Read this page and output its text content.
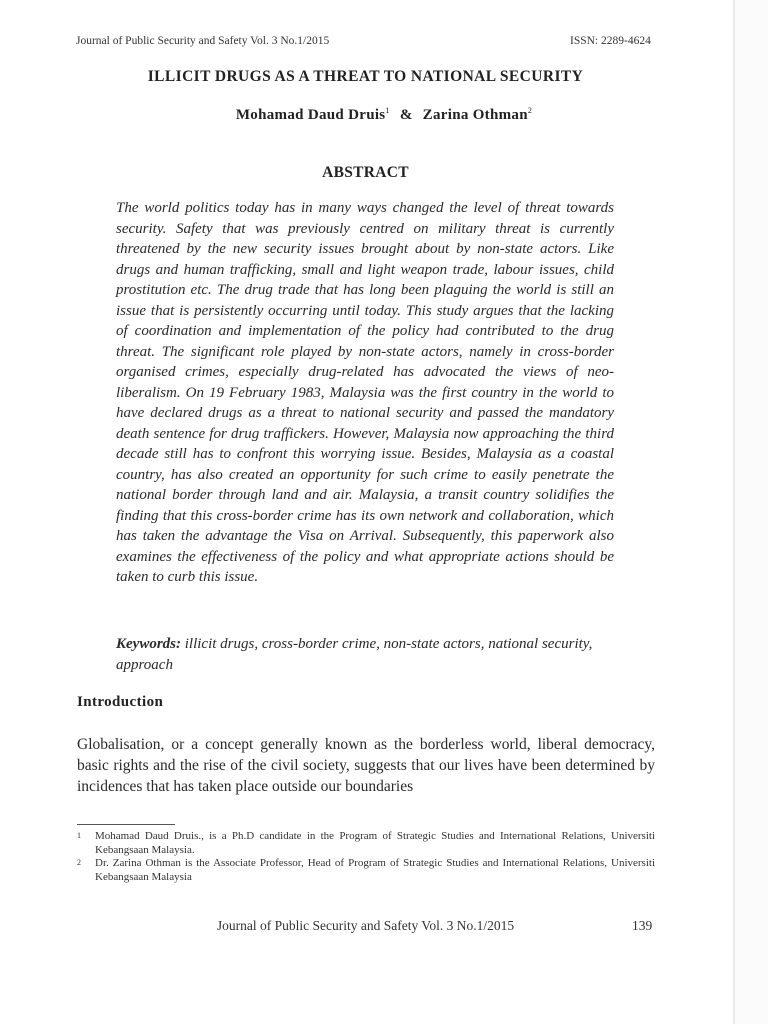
Journal of Public Security and Safety Vol. 3 No.1/2015	ISSN: 2289-4624
ILLICIT DRUGS AS A THREAT TO NATIONAL SECURITY
Mohamad Daud Druis$^1$ & Zarina Othman$^2$
ABSTRACT
The world politics today has in many ways changed the level of threat towards security. Safety that was previously centred on military threat is currently threatened by the new security issues brought about by non-state actors. Like drugs and human trafficking, small and light weapon trade, labour issues, child prostitution etc. The drug trade that has long been plaguing the world is still an issue that is persistently occurring until today. This study argues that the lacking of coordination and implementation of the policy had contributed to the drug threat. The significant role played by non-state actors, namely in cross-border organised crimes, especially drug-related has advocated the views of neo-liberalism. On 19 February 1983, Malaysia was the first country in the world to have declared drugs as a threat to national security and passed the mandatory death sentence for drug traffickers. However, Malaysia now approaching the third decade still has to confront this worrying issue. Besides, Malaysia as a coastal country, has also created an opportunity for such crime to easily penetrate the national border through land and air. Malaysia, a transit country solidifies the finding that this cross-border crime has its own network and collaboration, which has taken the advantage the Visa on Arrival. Subsequently, this paperwork also examines the effectiveness of the policy and what appropriate actions should be taken to curb this issue.
Keywords: illicit drugs, cross-border crime, non-state actors, national security, approach
Introduction
Globalisation, or a concept generally known as the borderless world, liberal democracy, basic rights and the rise of the civil society, suggests that our lives have been determined by incidences that has taken place outside our boundaries
1	Mohamad Daud Druis., is a Ph.D candidate in the Program of Strategic Studies and International Relations, Universiti Kebangsaan Malaysia.
2	Dr. Zarina Othman is the Associate Professor, Head of Program of Strategic Studies and International Relations, Universiti Kebangsaan Malaysia
Journal of Public Security and Safety Vol. 3 No.1/2015	139
